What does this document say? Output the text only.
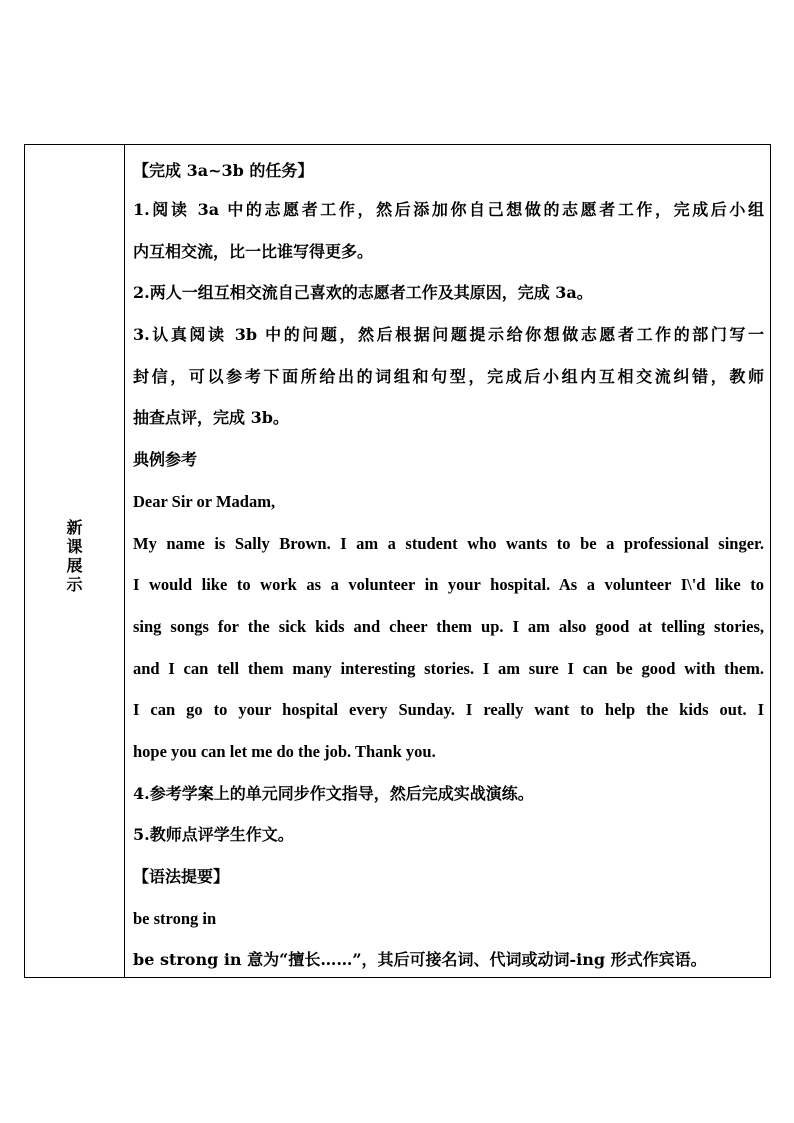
新课展示
【完成 3a~3b 的任务】
1.阅读 3a 中的志愿者工作，然后添加你自己想做的志愿者工作，完成后小组
内互相交流，比一比谁写得更多。
2.两人一组互相交流自己喜欢的志愿者工作及其原因，完成 3a。
3.认真阅读 3b 中的问题，然后根据问题提示给你想做志愿者工作的部门写一
封信，可以参考下面所给出的词组和句型，完成后小组内互相交流纠错，教师
抽查点评，完成 3b。
典例参考
Dear Sir or Madam,
My name is Sally Brown. I am a student who wants to be a professional singer.
I would like to work as a volunteer in your hospital. As a volunteer I\'d like to
sing songs for the sick kids and cheer them up. I am also good at telling stories,
and I can tell them many interesting stories. I am sure I can be good with them.
I can go to your hospital every Sunday. I really want to help the kids out. I
hope you can let me do the job. Thank you.
4.参考学案上的单元同步作文指导，然后完成实战演练。
5.教师点评学生作文。
【语法提要】
be strong in
be strong in 意为“擅长……”，其后可接名词、代词或动词-ing 形式作宾语。
